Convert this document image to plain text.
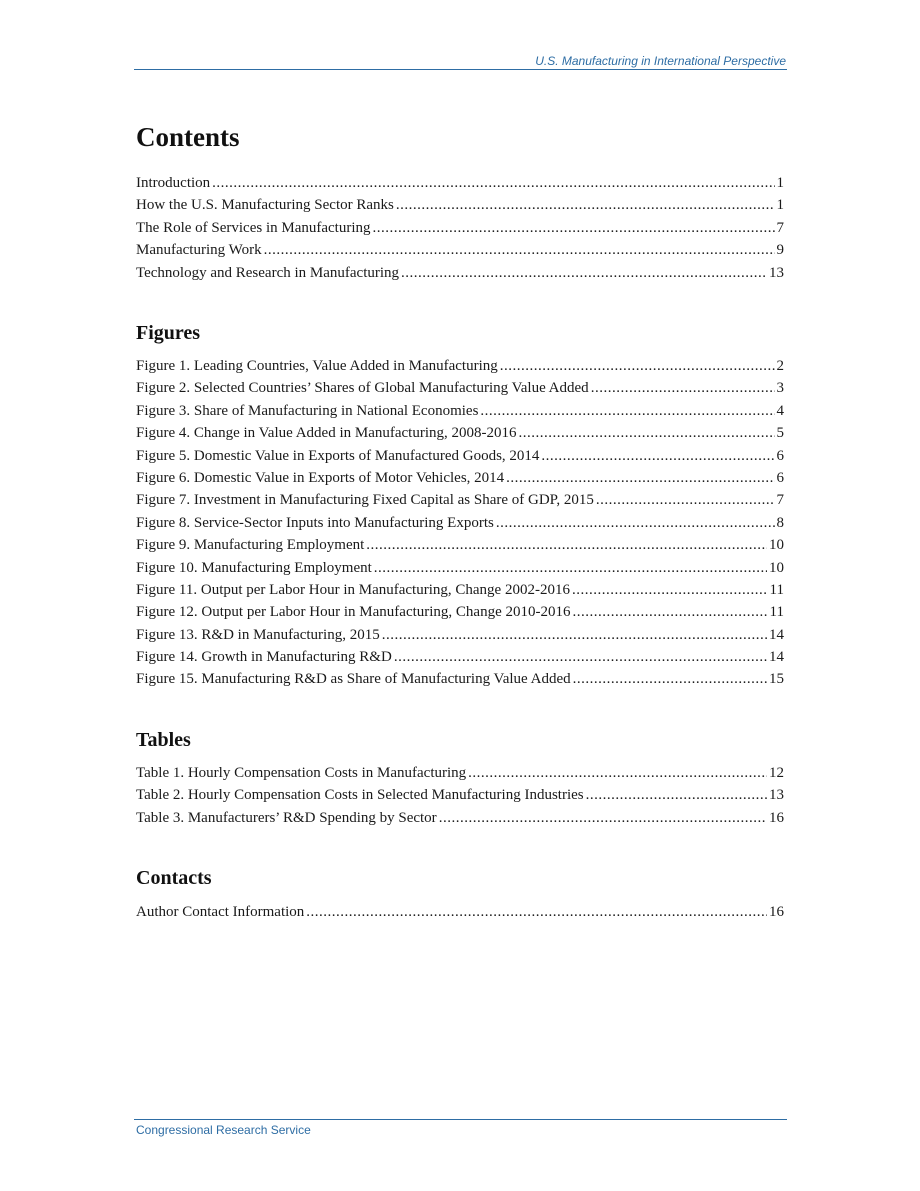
U.S. Manufacturing in International Perspective
Contents
Introduction .....	1
How the U.S. Manufacturing Sector Ranks .....	1
The Role of Services in Manufacturing .....	7
Manufacturing Work .....	9
Technology and Research in Manufacturing .....	13
Figures
Figure 1. Leading Countries, Value Added in Manufacturing .....	2
Figure 2. Selected Countries’ Shares of Global Manufacturing Value Added .....	3
Figure 3. Share of Manufacturing in National Economies .....	4
Figure 4. Change in Value Added in Manufacturing, 2008-2016 .....	5
Figure 5. Domestic Value in Exports of Manufactured Goods, 2014 .....	6
Figure 6. Domestic Value in Exports of Motor Vehicles, 2014 .....	6
Figure 7. Investment in Manufacturing Fixed Capital as Share of GDP, 2015 .....	7
Figure 8. Service-Sector Inputs into Manufacturing Exports .....	8
Figure 9. Manufacturing Employment .....	10
Figure 10. Manufacturing Employment .....	10
Figure 11. Output per Labor Hour in Manufacturing, Change 2002-2016 .....	11
Figure 12. Output per Labor Hour in Manufacturing, Change 2010-2016 .....	11
Figure 13. R&D in Manufacturing, 2015 .....	14
Figure 14. Growth in Manufacturing R&D .....	14
Figure 15. Manufacturing R&D as Share of Manufacturing Value Added .....	15
Tables
Table 1. Hourly Compensation Costs in Manufacturing .....	12
Table 2. Hourly Compensation Costs in Selected Manufacturing Industries .....	13
Table 3. Manufacturers’ R&D Spending by Sector .....	16
Contacts
Author Contact Information .....	16
Congressional Research Service
